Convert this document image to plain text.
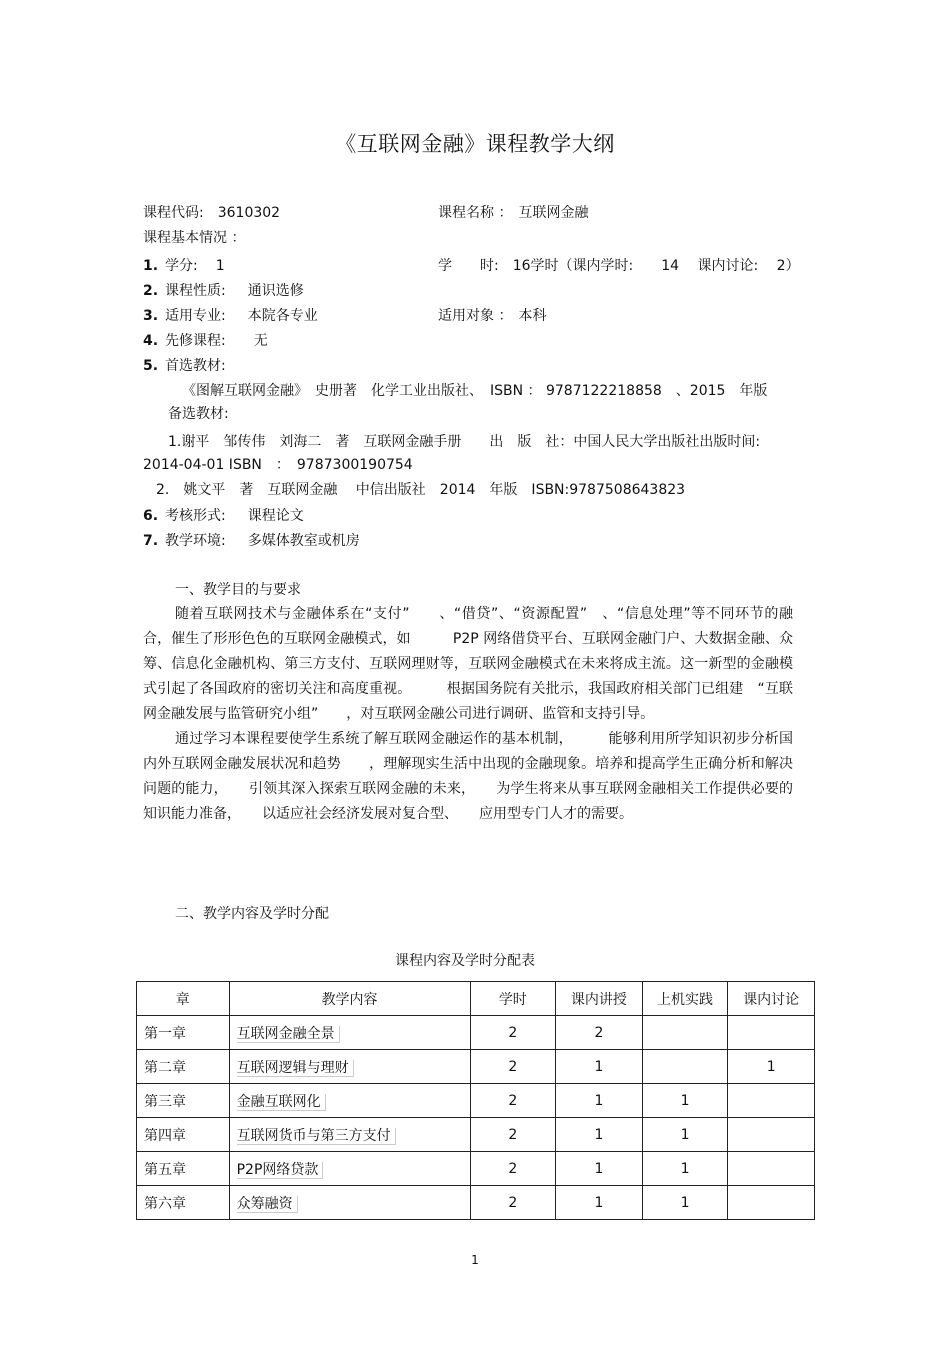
《互联网金融》课程教学大纲
课程代码: 3610302	课程名称 ： 互联网金融
课程基本情况 ：
1. 学分: 1	学　　时: 16学时（课内学时:　　14　 课内讨论:　 2）
2. 课程性质: 通识选修
3. 适用专业: 本院各专业	适用对象 ： 本科
4. 先修课程: 无
5. 首选教材:
《图解互联网金融》　史册著　化学工业出版社、　ISBN ： 9787122218858　、2015　年版
备选教材:
1.谢平　邹传伟　刘海二　著　互联网金融手册　　出　版　社：中国人民大学出版社出版时间:
2014-04-01 ISBN　：　9787300190754
2.　姚文平　著　互联网金融　 中信出版社　2014　年版　ISBN:9787508643823
6. 考核形式: 课程论文
7. 教学环境: 多媒体教室或机房
一、教学目的与要求

随着互联网技术与金融体系在“支付”　　、“借贷”、“资源配置”　、“信息处理”等不同环节的融合，催生了形形色色的互联网金融模式，如　　　P2P 网络借贷平台、互联网金融门户、大数据金融、众筹、信息化金融机构、第三方支付、互联网理财等，互联网金融模式在未来将成主流。这一新型的金融模式引起了各国政府的密切关注和高度重视。　　　根据国务院有关批示，我国政府相关部门已组建　“互联网金融发展与监管研究小组”　　，对互联网金融公司进行调研、监管和支持引导。

通过学习本课程要使学生系统了解互联网金融运作的基本机制，　　　能够利用所学知识初步分析国内外互联网金融发展状况和趋势　　，理解现实生活中出现的金融现象。培养和提高学生正确分析和解决问题的能力，　　引领其深入探索互联网金融的未来，　　为学生将来从事互联网金融相关工作提供必要的知识能力准备，　　以适应社会经济发展对复合型、　　应用型专门人才的需要。

二、教学内容及学时分配
课程内容及学时分配表
章	教学内容	学时	课内讲授	上机实践	课内讨论
第一章	互联网金融全景	2	2		
第二章	互联网逻辑与理财	2	1		1
第三章	金融互联网化	2	1	1	
第四章	互联网货币与第三方支付	2	1	1	
第五章	P2P网络贷款	2	1	1	
第六章	众筹融资	2	1	1	
1
